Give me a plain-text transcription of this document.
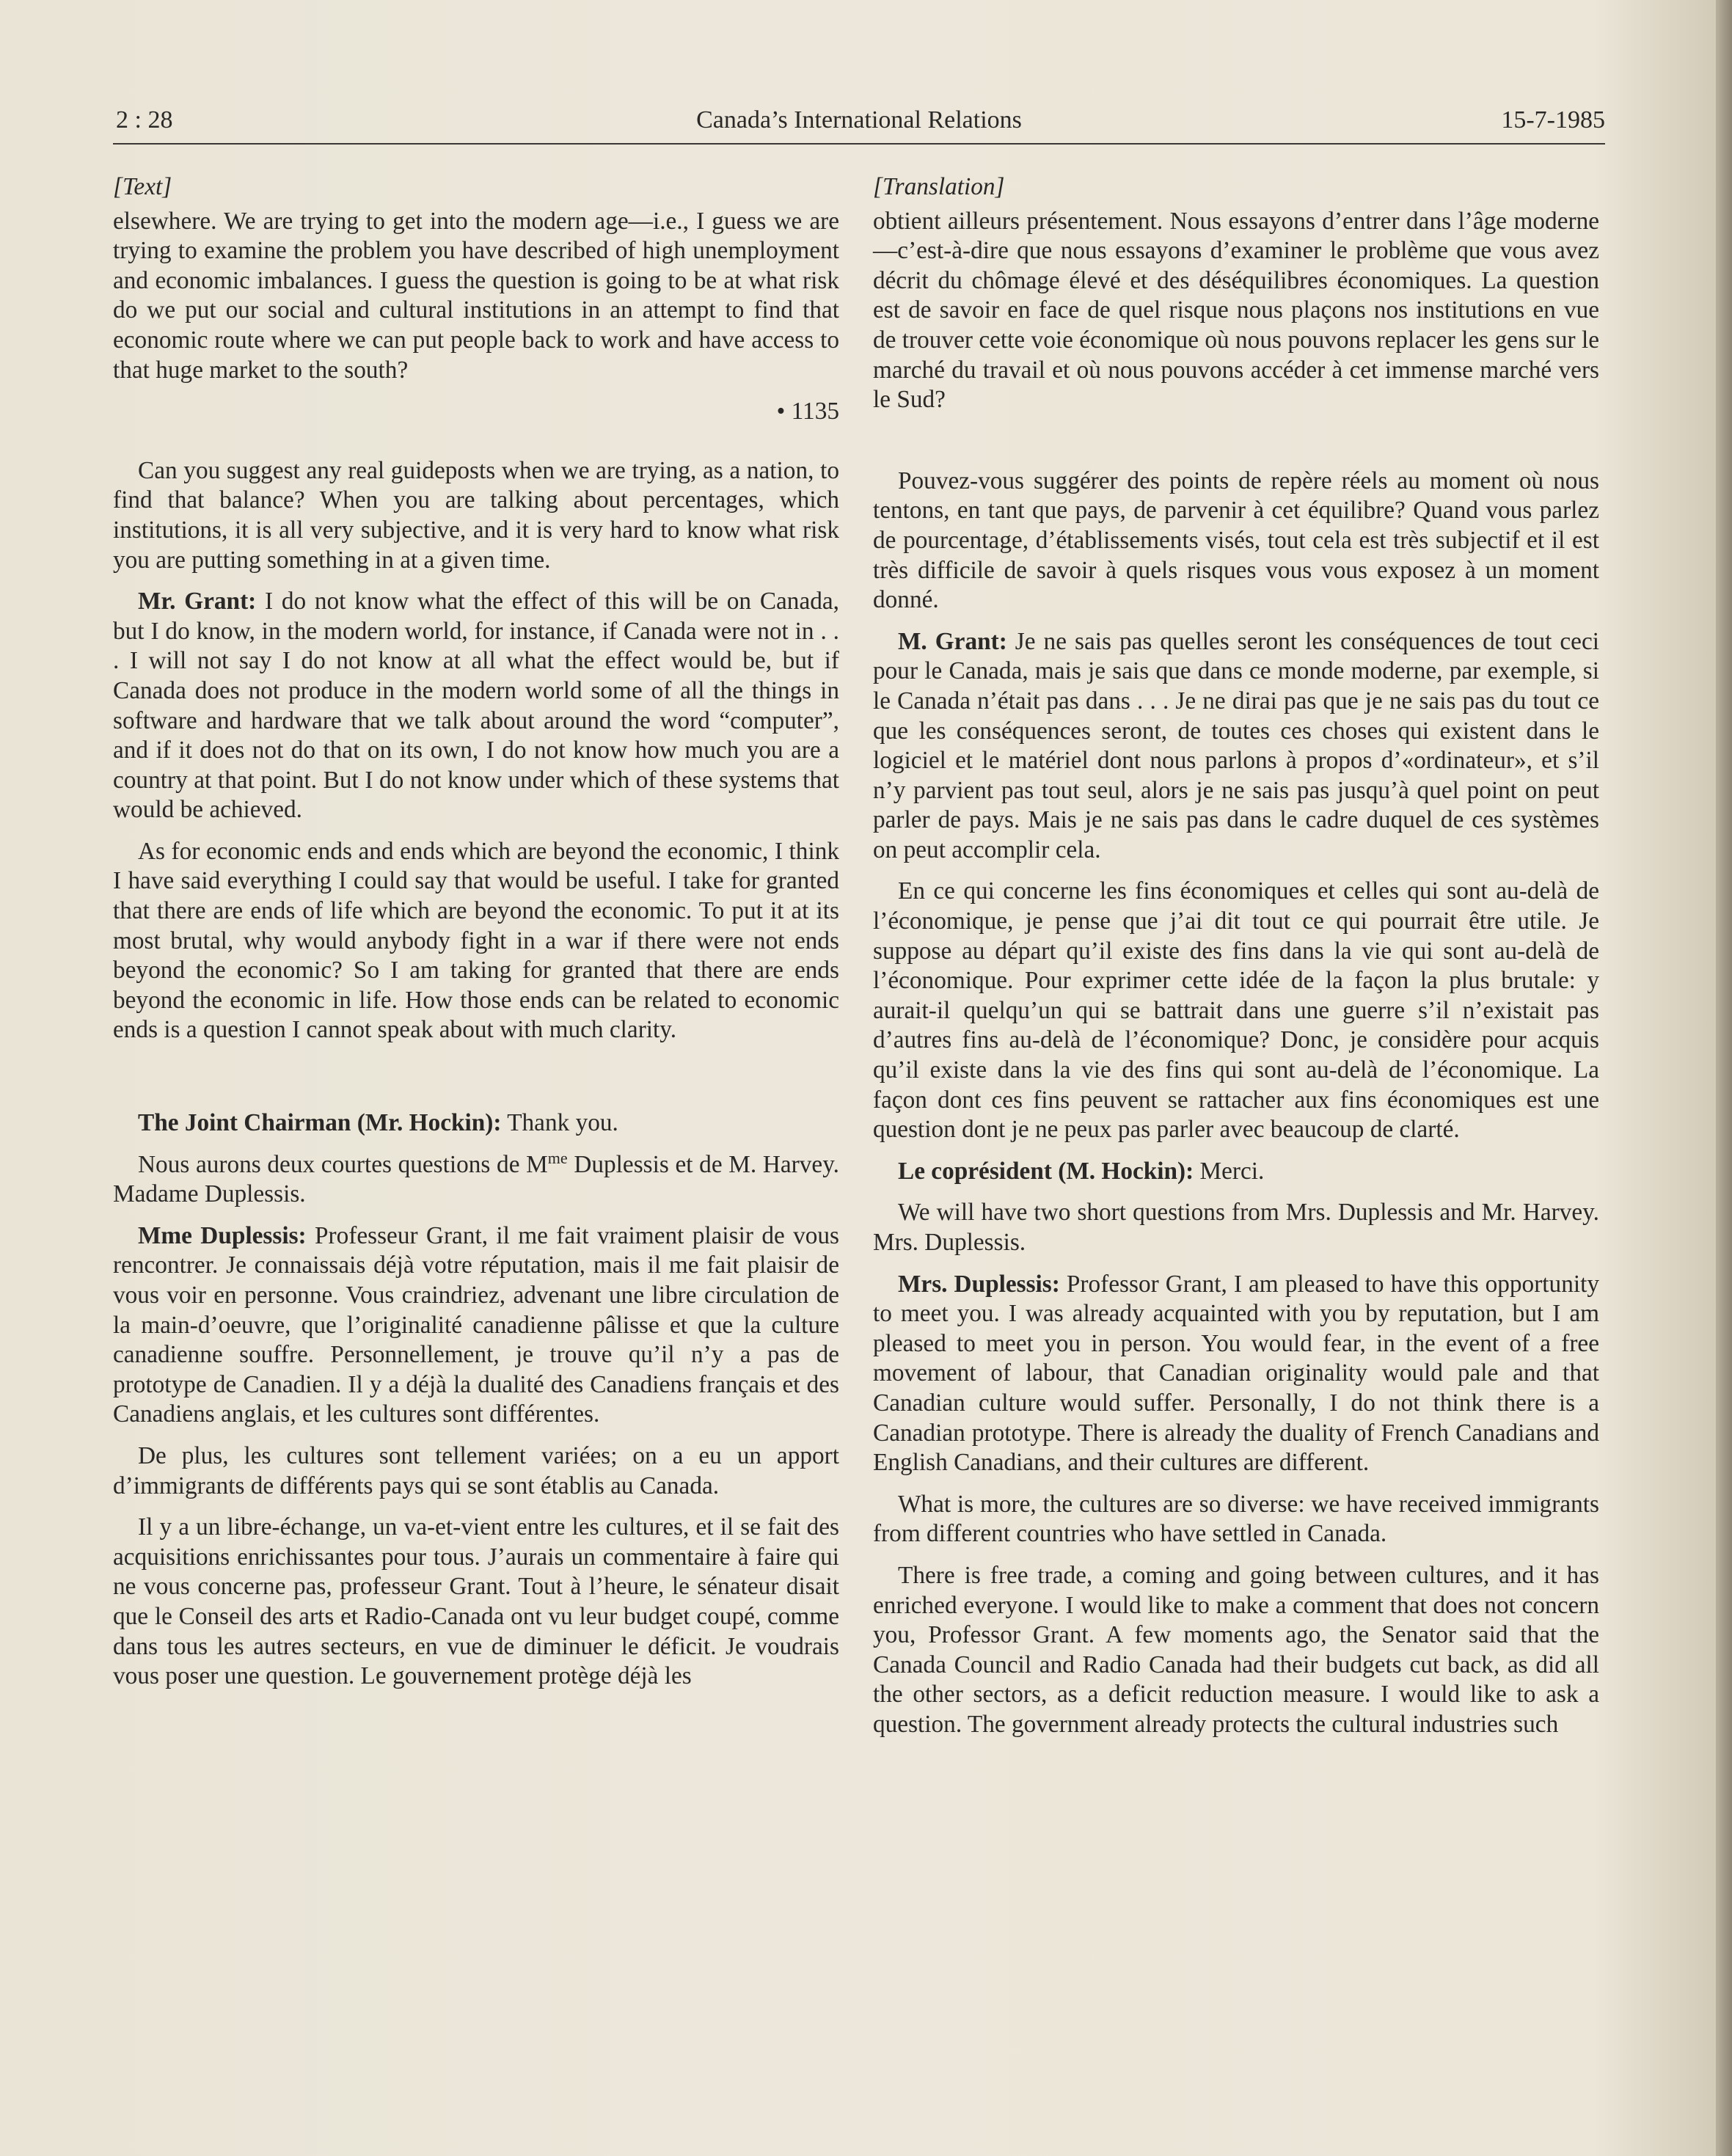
2 : 28	Canada’s International Relations	15-7-1985

[Text]

elsewhere. We are trying to get into the modern age—i.e., I guess we are trying to examine the problem you have described of high unemployment and economic imbalances. I guess the question is going to be at what risk do we put our social and cultural institutions in an attempt to find that economic route where we can put people back to work and have access to that huge market to the south?

• 1135

Can you suggest any real guideposts when we are trying, as a nation, to find that balance? When you are talking about percentages, which institutions, it is all very subjective, and it is very hard to know what risk you are putting something in at a given time.

Mr. Grant: I do not know what the effect of this will be on Canada, but I do know, in the modern world, for instance, if Canada were not in . . . I will not say I do not know at all what the effect would be, but if Canada does not produce in the modern world some of all the things in software and hardware that we talk about around the word “computer”, and if it does not do that on its own, I do not know how much you are a country at that point. But I do not know under which of these systems that would be achieved.

As for economic ends and ends which are beyond the economic, I think I have said everything I could say that would be useful. I take for granted that there are ends of life which are beyond the economic. To put it at its most brutal, why would anybody fight in a war if there were not ends beyond the economic? So I am taking for granted that there are ends beyond the economic in life. How those ends can be related to economic ends is a question I cannot speak about with much clarity.

The Joint Chairman (Mr. Hockin): Thank you.

Nous aurons deux courtes questions de $M^{me}$ Duplessis et de M. Harvey. Madame Duplessis.

Mme Duplessis: Professeur Grant, il me fait vraiment plaisir de vous rencontrer. Je connaissais déjà votre réputation, mais il me fait plaisir de vous voir en personne. Vous craindriez, advenant une libre circulation de la main-d’oeuvre, que l’originalité canadienne pâlisse et que la culture canadienne souffre. Personnellement, je trouve qu’il n’y a pas de prototype de Canadien. Il y a déjà la dualité des Canadiens français et des Canadiens anglais, et les cultures sont différentes.

De plus, les cultures sont tellement variées; on a eu un apport d’immigrants de différents pays qui se sont établis au Canada.

Il y a un libre-échange, un va-et-vient entre les cultures, et il se fait des acquisitions enrichissantes pour tous. J’aurais un commentaire à faire qui ne vous concerne pas, professeur Grant. Tout à l’heure, le sénateur disait que le Conseil des arts et Radio-Canada ont vu leur budget coupé, comme dans tous les autres secteurs, en vue de diminuer le déficit. Je voudrais vous poser une question. Le gouvernement protège déjà les

[Translation]

obtient ailleurs présentement. Nous essayons d’entrer dans l’âge moderne—c’est-à-dire que nous essayons d’examiner le problème que vous avez décrit du chômage élevé et des déséquilibres économiques. La question est de savoir en face de quel risque nous plaçons nos institutions en vue de trouver cette voie économique où nous pouvons replacer les gens sur le marché du travail et où nous pouvons accéder à cet immense marché vers le Sud?

Pouvez-vous suggérer des points de repère réels au moment où nous tentons, en tant que pays, de parvenir à cet équilibre? Quand vous parlez de pourcentage, d’établissements visés, tout cela est très subjectif et il est très difficile de savoir à quels risques vous vous exposez à un moment donné.

M. Grant: Je ne sais pas quelles seront les conséquences de tout ceci pour le Canada, mais je sais que dans ce monde moderne, par exemple, si le Canada n’était pas dans . . . Je ne dirai pas que je ne sais pas du tout ce que les conséquences seront, de toutes ces choses qui existent dans le logiciel et le matériel dont nous parlons à propos d’«ordinateur», et s’il n’y parvient pas tout seul, alors je ne sais pas jusqu’à quel point on peut parler de pays. Mais je ne sais pas dans le cadre duquel de ces systèmes on peut accomplir cela.

En ce qui concerne les fins économiques et celles qui sont au-delà de l’économique, je pense que j’ai dit tout ce qui pourrait être utile. Je suppose au départ qu’il existe des fins dans la vie qui sont au-delà de l’économique. Pour exprimer cette idée de la façon la plus brutale: y aurait-il quelqu’un qui se battrait dans une guerre s’il n’existait pas d’autres fins au-delà de l’économique? Donc, je considère pour acquis qu’il existe dans la vie des fins qui sont au-delà de l’économique. La façon dont ces fins peuvent se rattacher aux fins économiques est une question dont je ne peux pas parler avec beaucoup de clarté.

Le coprésident (M. Hockin): Merci.

We will have two short questions from Mrs. Duplessis and Mr. Harvey. Mrs. Duplessis.

Mrs. Duplessis: Professor Grant, I am pleased to have this opportunity to meet you. I was already acquainted with you by reputation, but I am pleased to meet you in person. You would fear, in the event of a free movement of labour, that Canadian originality would pale and that Canadian culture would suffer. Personally, I do not think there is a Canadian prototype. There is already the duality of French Canadians and English Canadians, and their cultures are different.

What is more, the cultures are so diverse: we have received immigrants from different countries who have settled in Canada.

There is free trade, a coming and going between cultures, and it has enriched everyone. I would like to make a comment that does not concern you, Professor Grant. A few moments ago, the Senator said that the Canada Council and Radio Canada had their budgets cut back, as did all the other sectors, as a deficit reduction measure. I would like to ask a question. The government already protects the cultural industries such
